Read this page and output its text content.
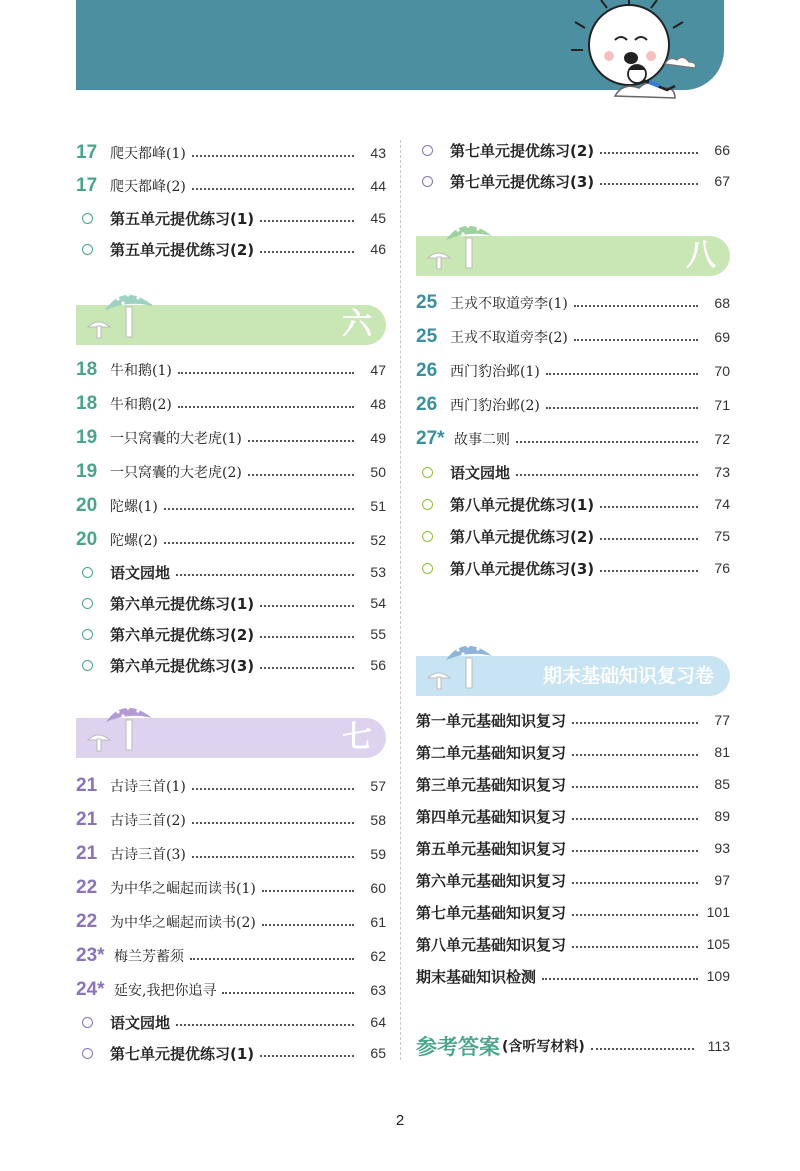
17 爬天都峰(1)	43
17 爬天都峰(2)	44
第五单元提优练习(1)	45
第五单元提优练习(2)	46
六
18 牛和鹅(1)	47
18 牛和鹅(2)	48
19 一只窝囊的大老虎(1)	49
19 一只窝囊的大老虎(2)	50
20 陀螺(1)	51
20 陀螺(2)	52
语文园地	53
第六单元提优练习(1)	54
第六单元提优练习(2)	55
第六单元提优练习(3)	56
七
21 古诗三首(1)	57
21 古诗三首(2)	58
21 古诗三首(3)	59
22 为中华之崛起而读书(1)	60
22 为中华之崛起而读书(2)	61
23* 梅兰芳蓄须	62
24* 延安,我把你追寻	63
语文园地	64
第七单元提优练习(1)	65
第七单元提优练习(2)	66
第七单元提优练习(3)	67
八
25 王戎不取道旁李(1)	68
25 王戎不取道旁李(2)	69
26 西门豹治邺(1)	70
26 西门豹治邺(2)	71
27* 故事二则	72
语文园地	73
第八单元提优练习(1)	74
第八单元提优练习(2)	75
第八单元提优练习(3)	76
期末基础知识复习卷
第一单元基础知识复习	77
第二单元基础知识复习	81
第三单元基础知识复习	85
第四单元基础知识复习	89
第五单元基础知识复习	93
第六单元基础知识复习	97
第七单元基础知识复习	101
第八单元基础知识复习	105
期末基础知识检测	109
参考答案 (含听写材料)	113
2
